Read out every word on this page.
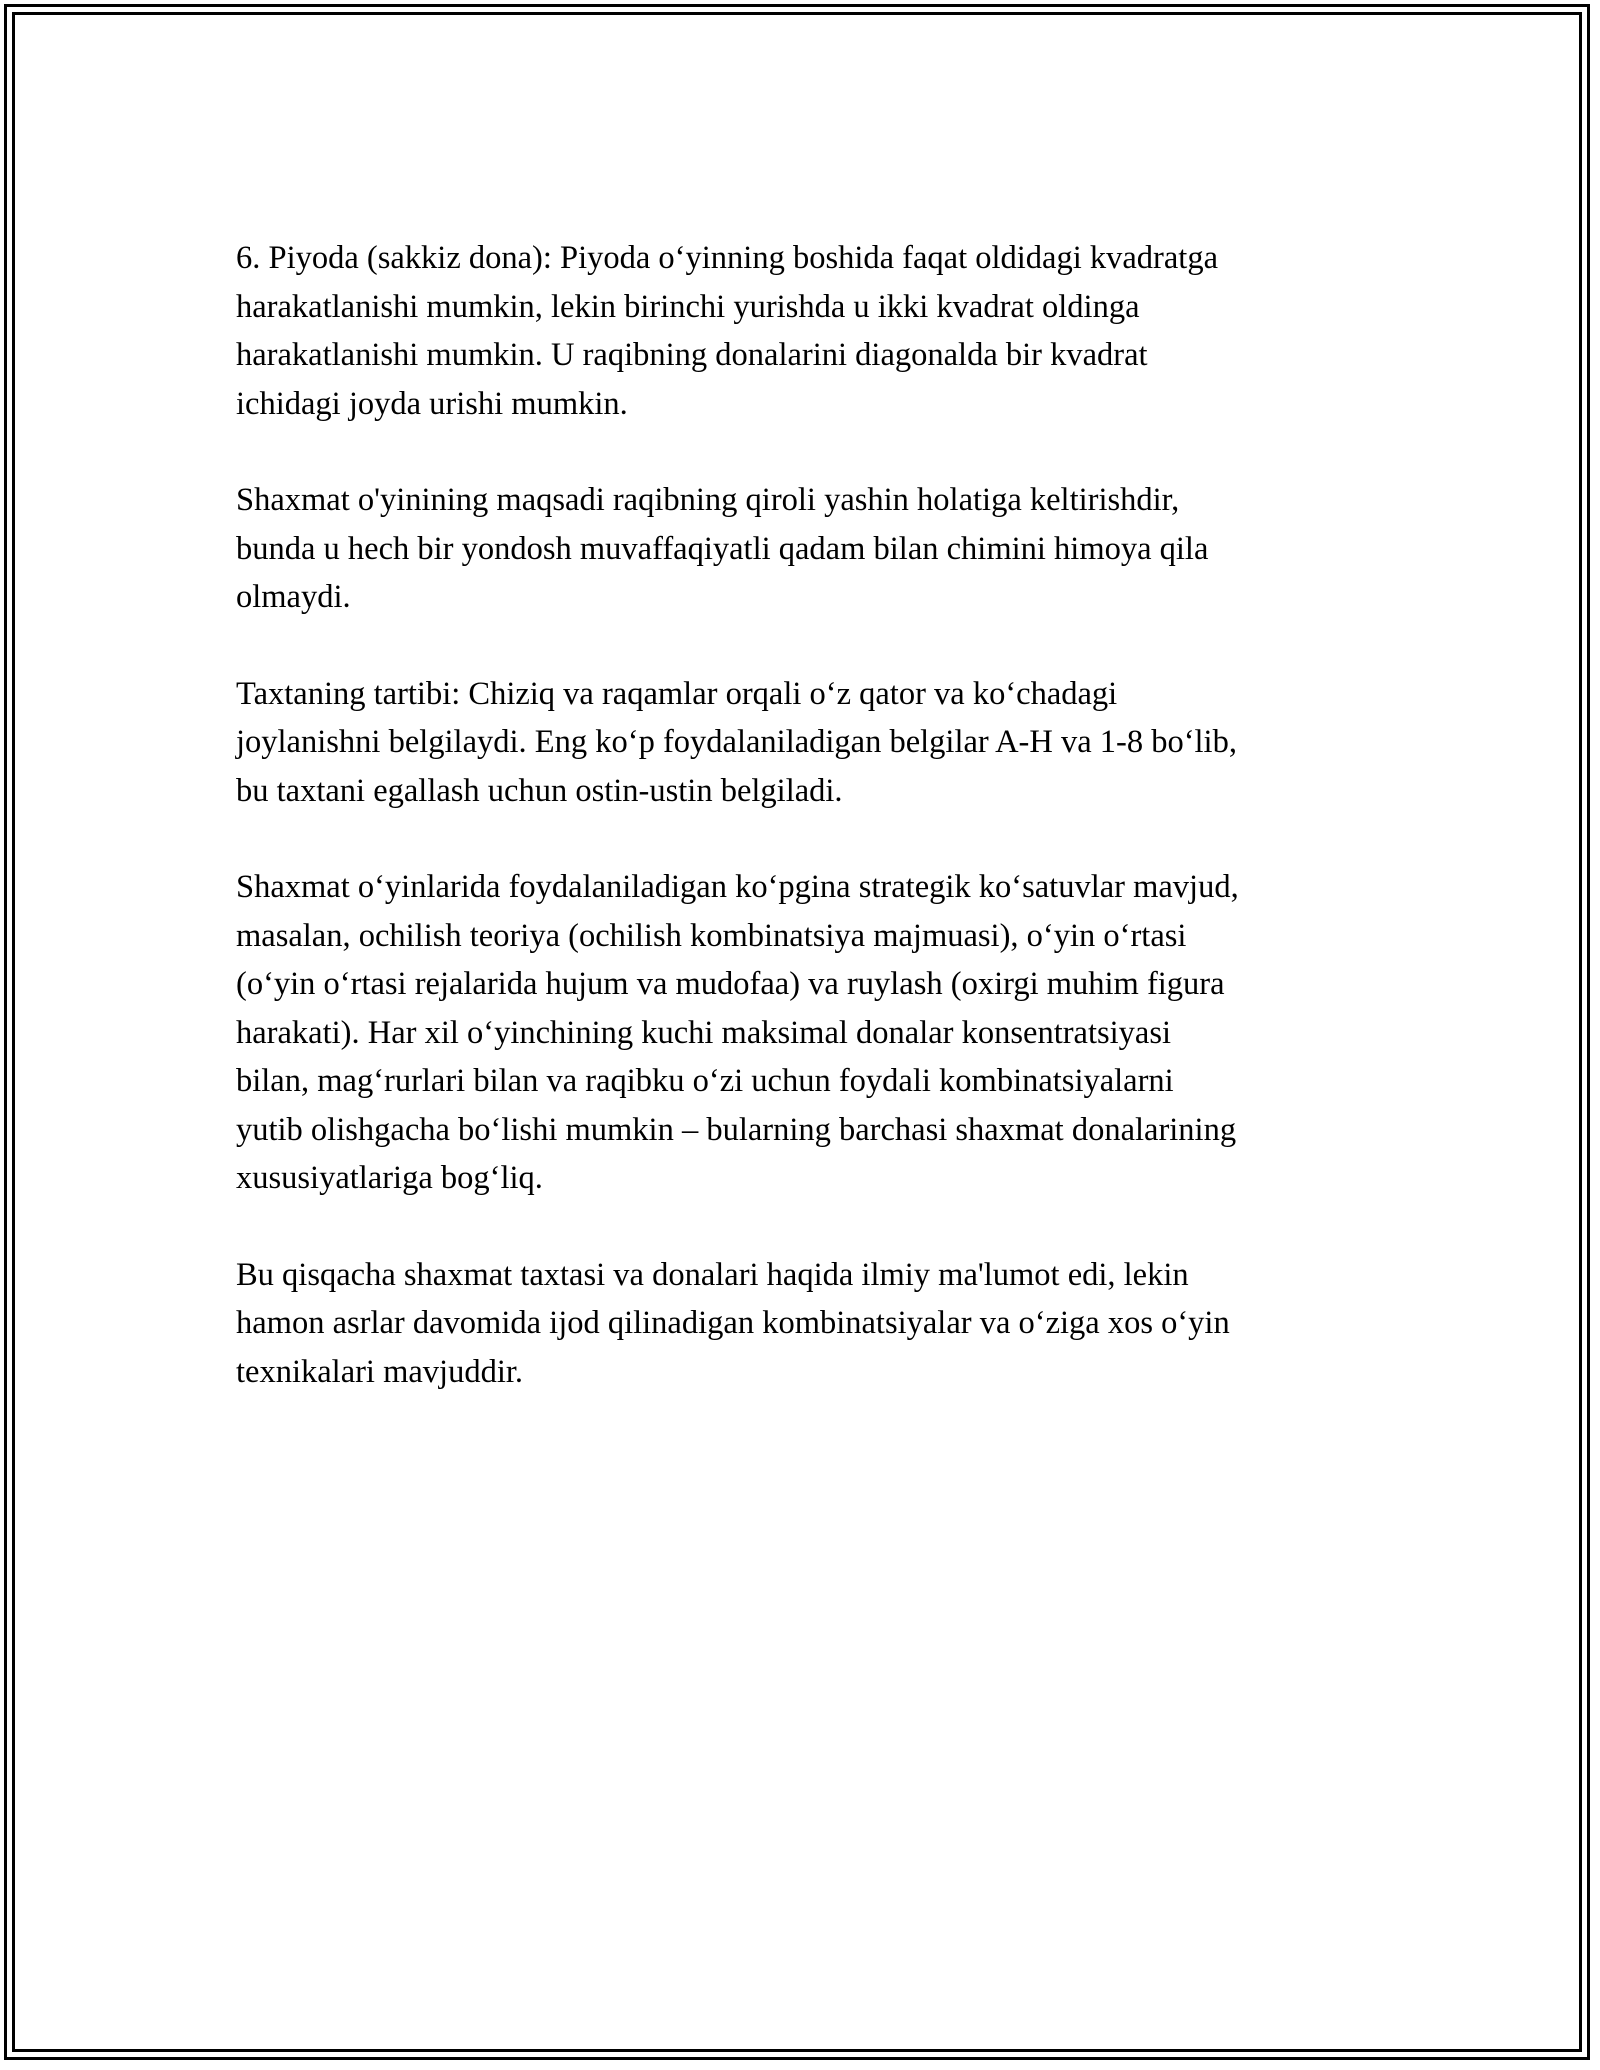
6. Piyoda (sakkiz dona): Piyoda oʻyinning boshida faqat oldidagi kvadratga
harakatlanishi mumkin, lekin birinchi yurishda u ikki kvadrat oldinga
harakatlanishi mumkin. U raqibning donalarini diagonalda bir kvadrat
ichidagi joyda urishi mumkin.

Shaxmat o'yinining maqsadi raqibning qiroli yashin holatiga keltirishdir,
bunda u hech bir yondosh muvaffaqiyatli qadam bilan chimini himoya qila
olmaydi.

Taxtaning tartibi: Chiziq va raqamlar orqali oʻz qator va koʻchadagi
joylanishni belgilaydi. Eng koʻp foydalaniladigan belgilar A-H va 1-8 boʻlib,
bu taxtani egallash uchun ostin-ustin belgiladi.

Shaxmat oʻyinlarida foydalaniladigan koʻpgina strategik koʻsatuvlar mavjud,
masalan, ochilish teoriya (ochilish kombinatsiya majmuasi), oʻyin oʻrtasi
(oʻyin oʻrtasi rejalarida hujum va mudofaa) va ruylash (oxirgi muhim figura
harakati). Har xil oʻyinchining kuchi maksimal donalar konsentratsiyasi
bilan, magʻrurlari bilan va raqibku oʻzi uchun foydali kombinatsiyalarni
yutib olishgacha boʻlishi mumkin – bularning barchasi shaxmat donalarining
xususiyatlariga bogʻliq.

Bu qisqacha shaxmat taxtasi va donalari haqida ilmiy ma'lumot edi, lekin
hamon asrlar davomida ijod qilinadigan kombinatsiyalar va oʻziga xos oʻyin
texnikalari mavjuddir.
